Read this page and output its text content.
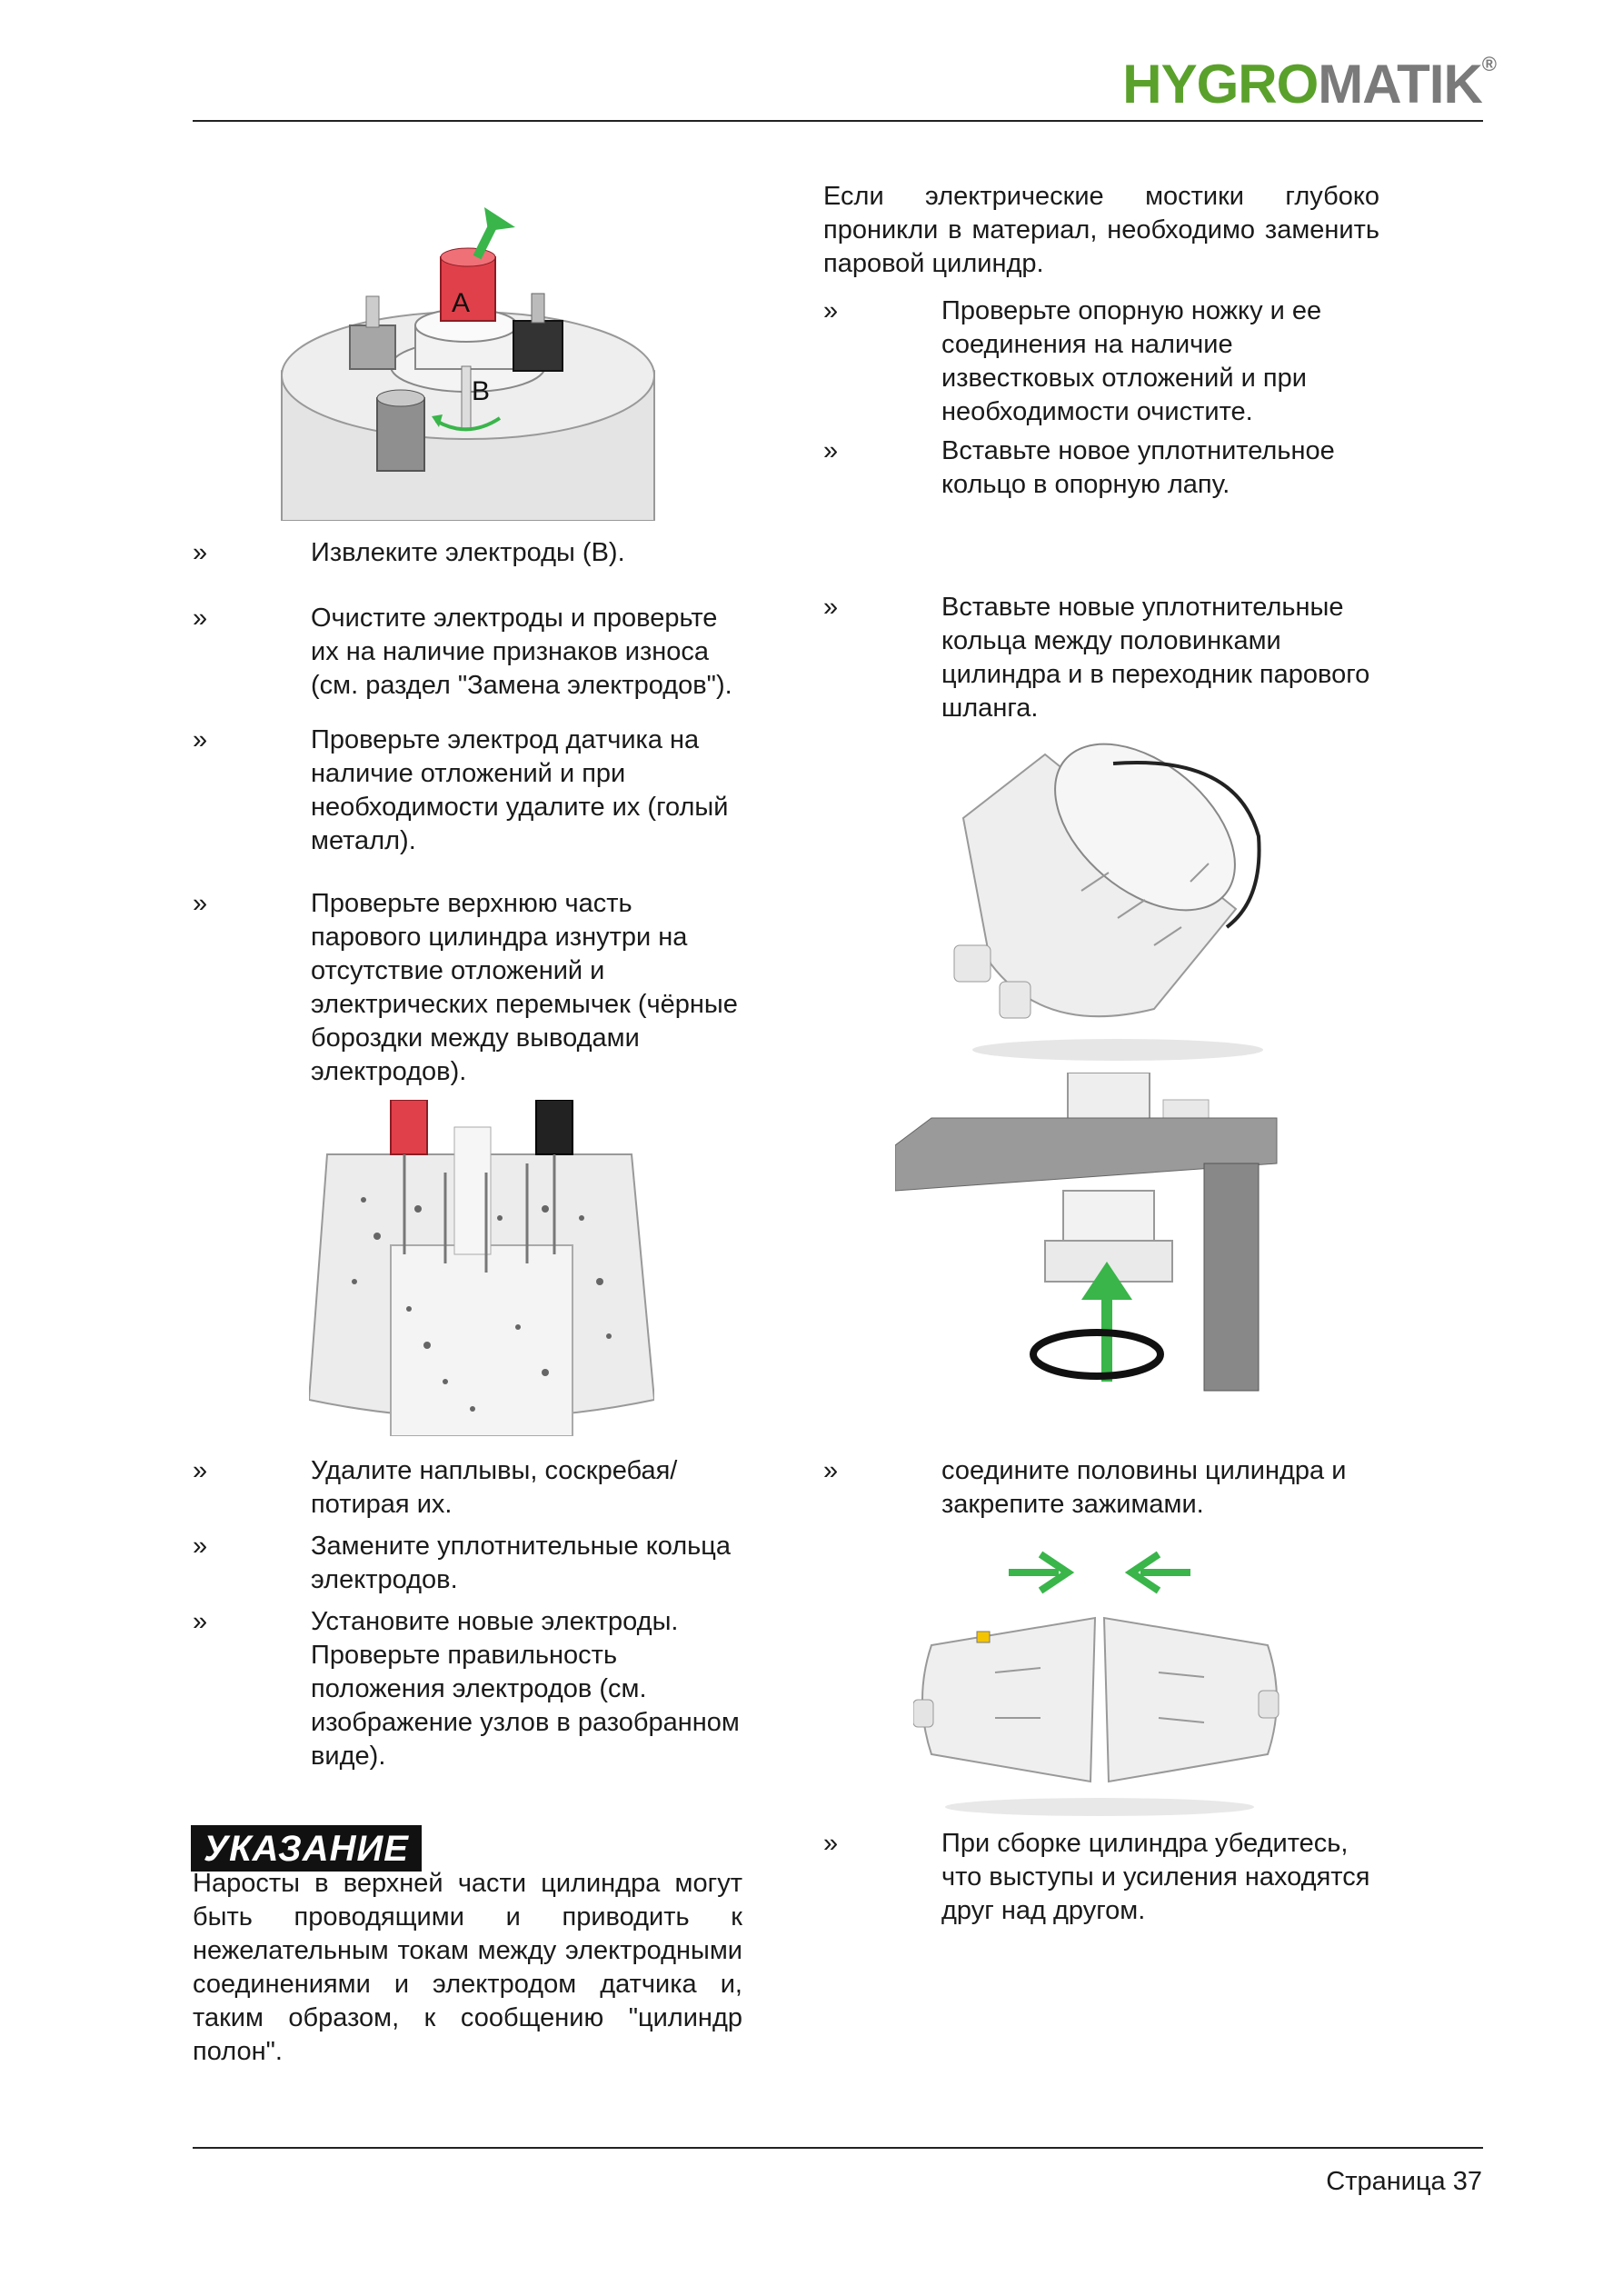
HYGROMATIK®
A
B
»	Извлеките электроды (В).
»	Очистите электроды и проверьте их на наличие признаков износа (см. раздел "Замена электродов").
»	Проверьте электрод датчика на наличие отложений и при необходимости удалите их (голый металл).
»	Проверьте верхнюю часть парового цилиндра изнутри на отсутствие отложений и электрических перемычек (чёрные бороздки между выводами электродов).
»	Удалите наплывы, соскребая/потирая их.
»	Замените уплотнительные кольца электродов.
»	Установите новые электроды. Проверьте правильность положения электродов (см. изображение узлов в разобранном виде).
УКАЗАНИЕ
Наросты в верхней части цилиндра могут быть проводящими и приводить к нежелательным токам между электродными соединениями и электродом датчика и, таким образом, к сообщению "цилиндр полон".
Если электрические мостики глубоко проникли в материал, необходимо заменить паровой цилиндр.
»	Проверьте опорную ножку и ее соединения на наличие известковых отложений и при необходимости очистите.
»	Вставьте новое уплотнительное кольцо в опорную лапу.
»	Вставьте новые уплотнительные кольца между половинками цилиндра и в переходник парового шланга.
»	соедините половины цилиндра и закрепите зажимами.
»	При сборке цилиндра убедитесь, что выступы и усиления находятся друг над другом.
Страница 37
